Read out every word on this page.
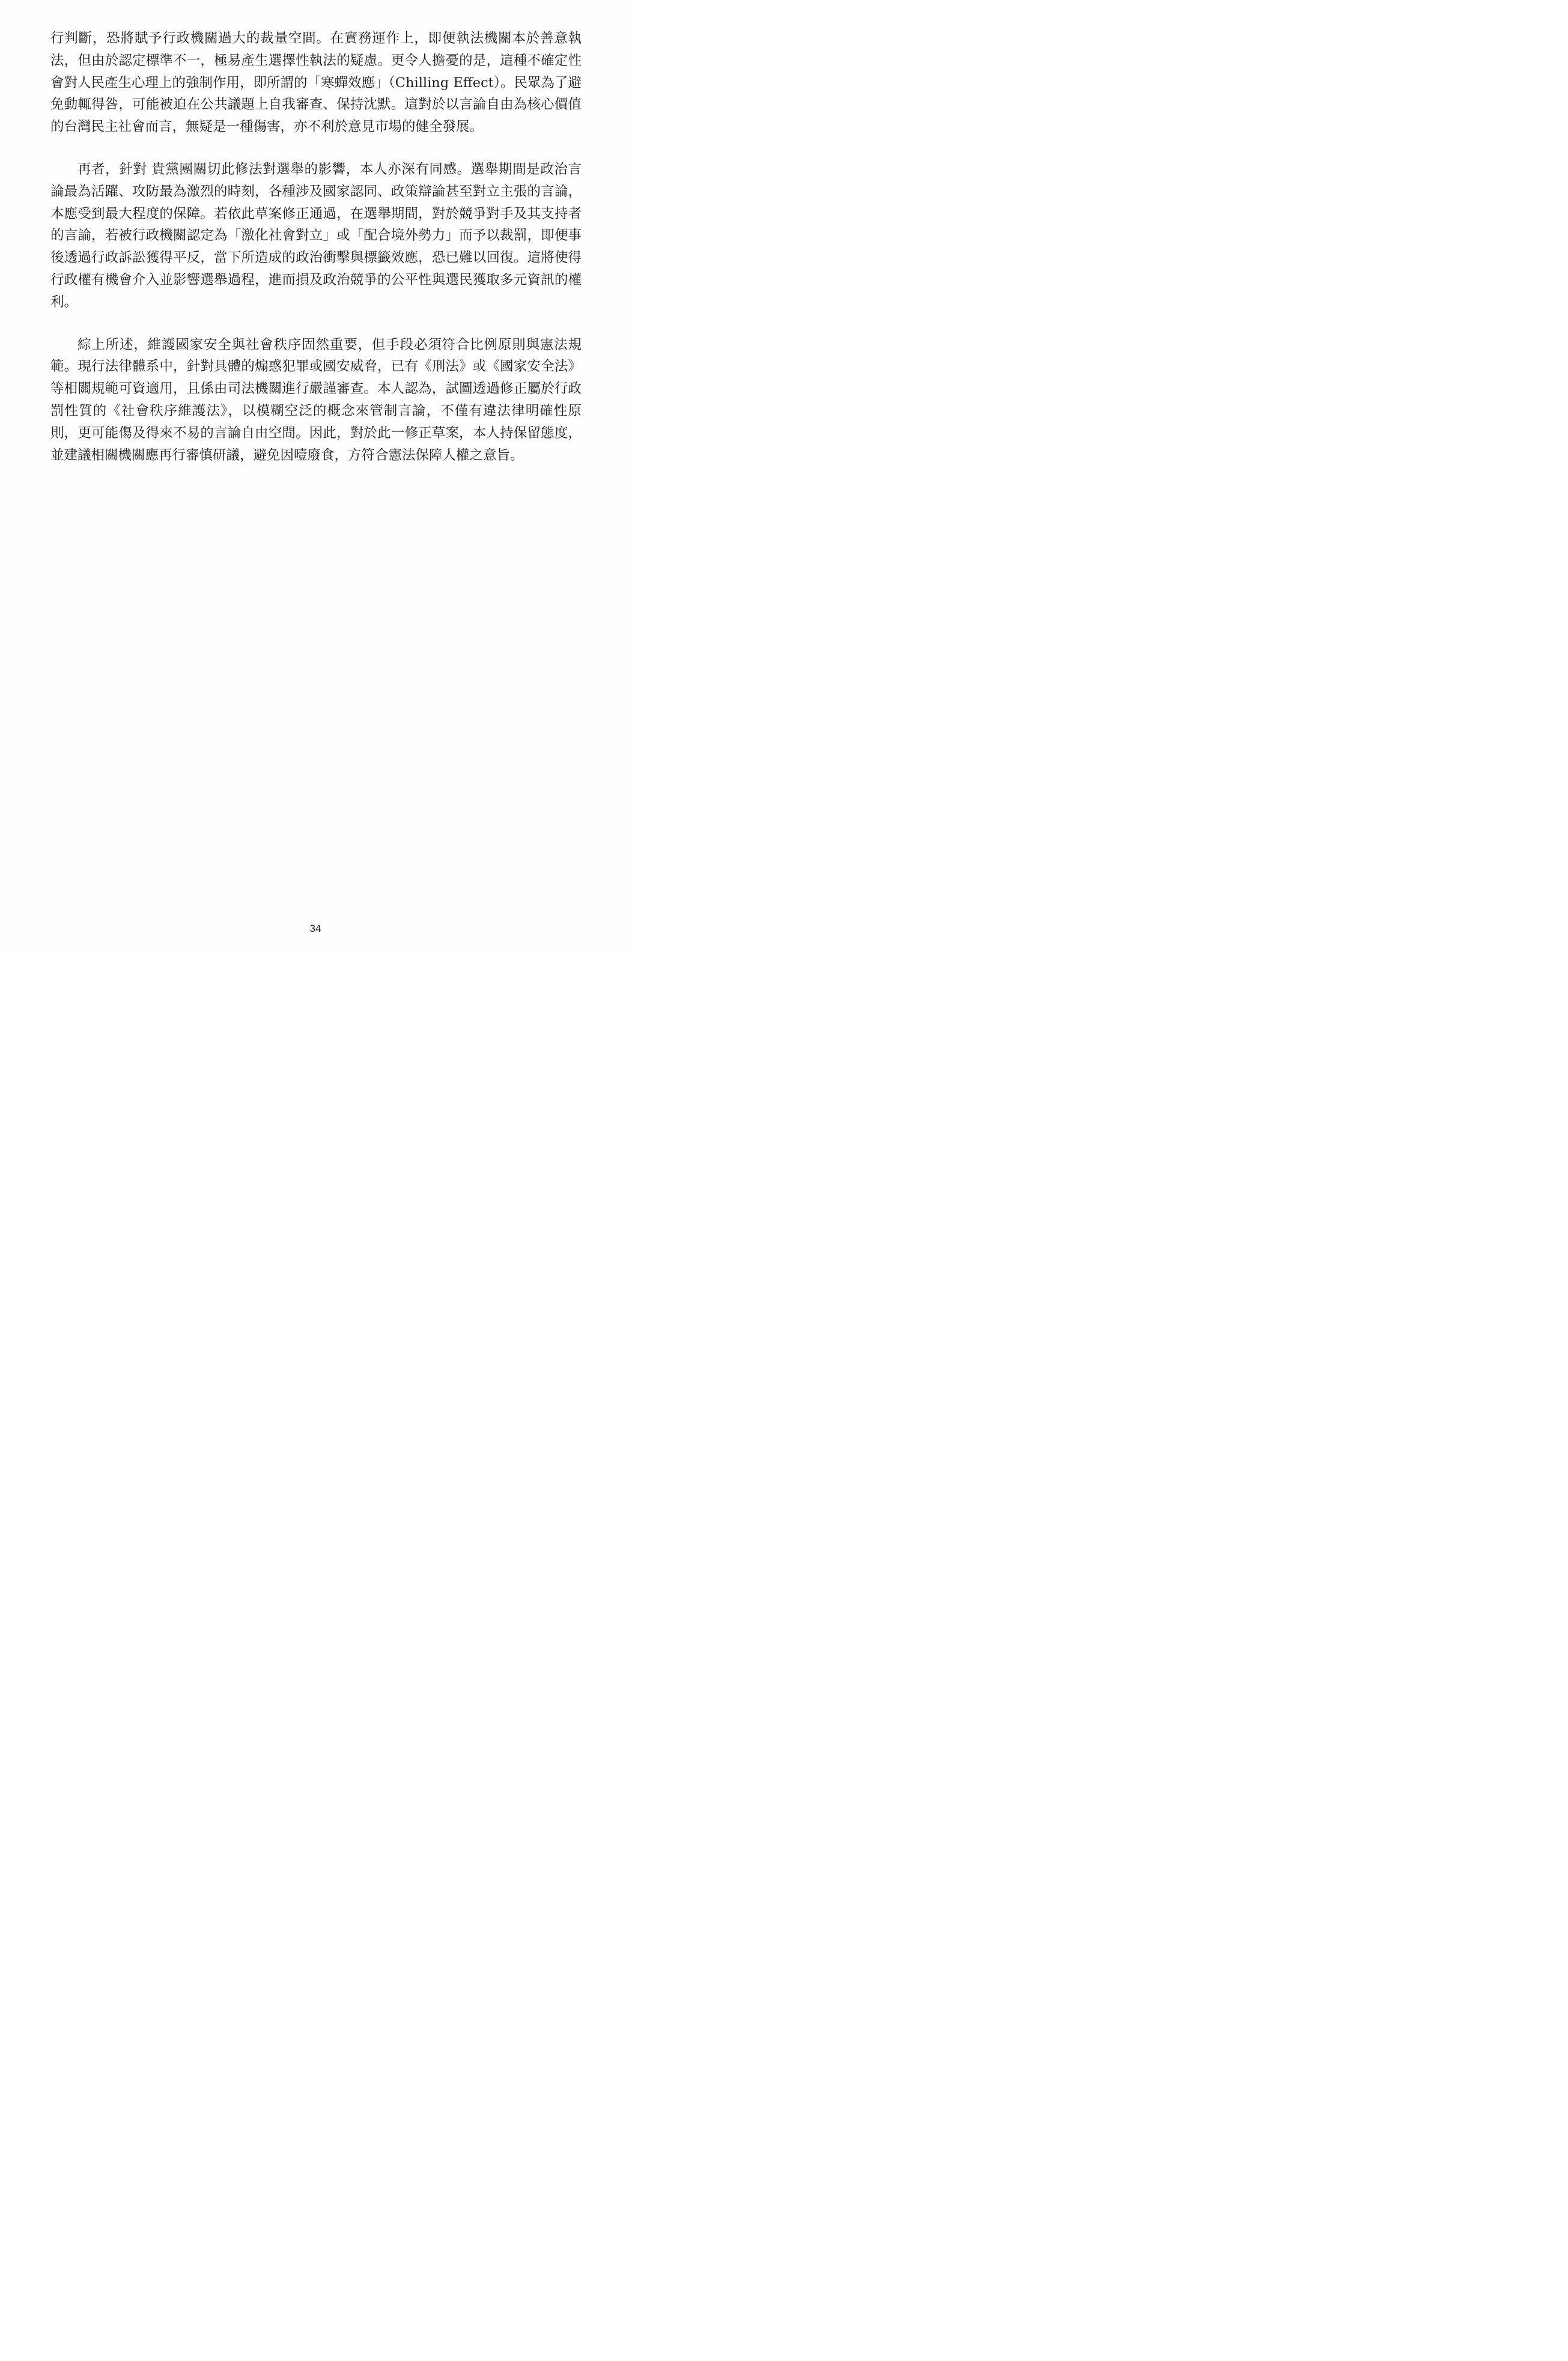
行判斷，恐將賦予行政機關過大的裁量空間。在實務運作上，即便執法機關本於善意執法，但由於認定標準不一，極易產生選擇性執法的疑慮。更令人擔憂的是，這種不確定性會對人民產生心理上的強制作用，即所謂的「寒蟬效應」（Chilling Effect）。民眾為了避免動輒得咎，可能被迫在公共議題上自我審查、保持沈默。這對於以言論自由為核心價值的台灣民主社會而言，無疑是一種傷害，亦不利於意見市場的健全發展。

再者，針對 貴黨團關切此修法對選舉的影響，本人亦深有同感。選舉期間是政治言論最為活躍、攻防最為激烈的時刻，各種涉及國家認同、政策辯論甚至對立主張的言論，本應受到最大程度的保障。若依此草案修正通過，在選舉期間，對於競爭對手及其支持者的言論，若被行政機關認定為「激化社會對立」或「配合境外勢力」而予以裁罰，即便事後透過行政訴訟獲得平反，當下所造成的政治衝擊與標籤效應，恐已難以回復。這將使得行政權有機會介入並影響選舉過程，進而損及政治競爭的公平性與選民獲取多元資訊的權利。

綜上所述，維護國家安全與社會秩序固然重要，但手段必須符合比例原則與憲法規範。現行法律體系中，針對具體的煽惑犯罪或國安威脅，已有《刑法》或《國家安全法》等相關規範可資適用，且係由司法機關進行嚴謹審查。本人認為，試圖透過修正屬於行政罰性質的《社會秩序維護法》，以模糊空泛的概念來管制言論，不僅有違法律明確性原則，更可能傷及得來不易的言論自由空間。因此，對於此一修正草案，本人持保留態度，並建議相關機關應再行審慎研議，避免因噎廢食，方符合憲法保障人權之意旨。

34
